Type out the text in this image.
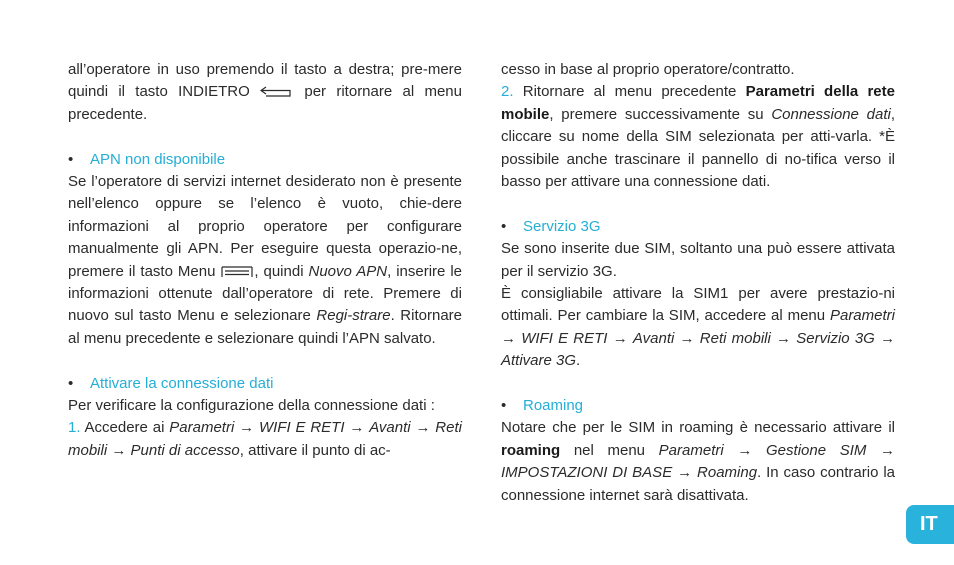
all’operatore in uso premendo il tasto a destra; pre-mere quindi il tasto INDIETRO	per ritornare al menu precedente.

• APN non disponibile

Se l’operatore di servizi internet desiderato non è presente nell’elenco oppure se l’elenco è vuoto, chie-dere informazioni al proprio operatore per configurare manualmente gli APN. Per eseguire questa operazio-ne, premere il tasto Menu	, quindi Nuovo APN, inserire le informazioni ottenute dall’operatore di rete. Premere di nuovo sul tasto Menu e selezionare Regi-strare. Ritornare al menu precedente e selezionare quindi l’APN salvato.

• Attivare la connessione dati

Per verificare la configurazione della connessione dati :
1. Accedere ai Parametri → WIFI E RETI → Avanti → Reti mobili → Punti di accesso, attivare il punto di ac-

cesso in base al proprio operatore/contratto.
2. Ritornare al menu precedente Parametri della rete mobile, premere successivamente su Connessione dati, cliccare su nome della SIM selezionata per atti-varla. *È possibile anche trascinare il pannello di no-tifica verso il basso per attivare una connessione dati.

• Servizio 3G

Se sono inserite due SIM, soltanto una può essere attivata per il servizio 3G.
È consigliabile attivare la SIM1 per avere prestazio-ni ottimali. Per cambiare la SIM, accedere al menu Parametri → WIFI E RETI → Avanti → Reti mobili → Servizio 3G → Attivare 3G.

• Roaming

Notare che per le SIM in roaming è necessario attivare il roaming nel menu Parametri → Gestione SIM → IMPOSTAZIONI DI BASE → Roaming. In caso contrario la connessione internet sarà disattivata.

IT
